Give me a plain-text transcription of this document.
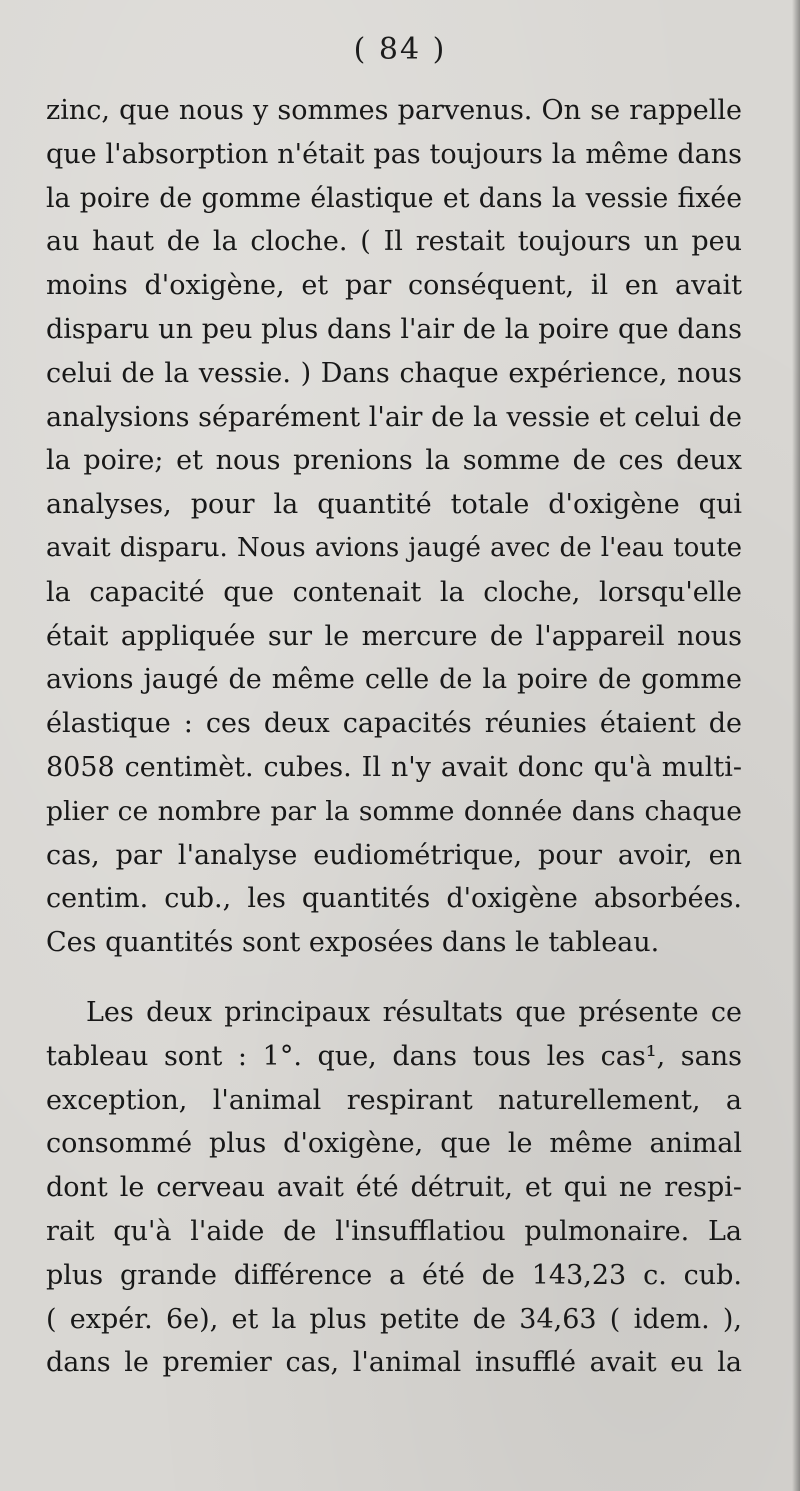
( 84 )
zinc, que nous y sommes parvenus. On se rappelle
que l'absorption n'était pas toujours la même dans
la poire de gomme élastique et dans la vessie fixée
au haut de la cloche. ( Il restait toujours un peu
moins d'oxigène, et par conséquent, il en avait
disparu un peu plus dans l'air de la poire que dans
celui de la vessie. ) Dans chaque expérience, nous
analysions séparément l'air de la vessie et celui de
la poire; et nous prenions la somme de ces deux
analyses, pour la quantité totale d'oxigène qui
avait disparu. Nous avions jaugé avec de l'eau toute
la capacité que contenait la cloche, lorsqu'elle
était appliquée sur le mercure de l'appareil nous
avions jaugé de même celle de la poire de gomme
élastique : ces deux capacités réunies étaient de
8058 centimèt. cubes. Il n'y avait donc qu'à multi-
plier ce nombre par la somme donnée dans chaque
cas, par l'analyse eudiométrique, pour avoir, en
centim. cub., les quantités d'oxigène absorbées.
Ces quantités sont exposées dans le tableau.
Les deux principaux résultats que présente ce
tableau sont : 1°. que, dans tous les cas¹, sans
exception, l'animal respirant naturellement, a
consommé plus d'oxigène, que le même animal
dont le cerveau avait été détruit, et qui ne respi-
rait qu'à l'aide de l'insufflatiou pulmonaire. La
plus grande différence a été de 143,23 c. cub.
( expér. 6e), et la plus petite de 34,63 ( idem. ),
dans le premier cas, l'animal insufflé avait eu la
